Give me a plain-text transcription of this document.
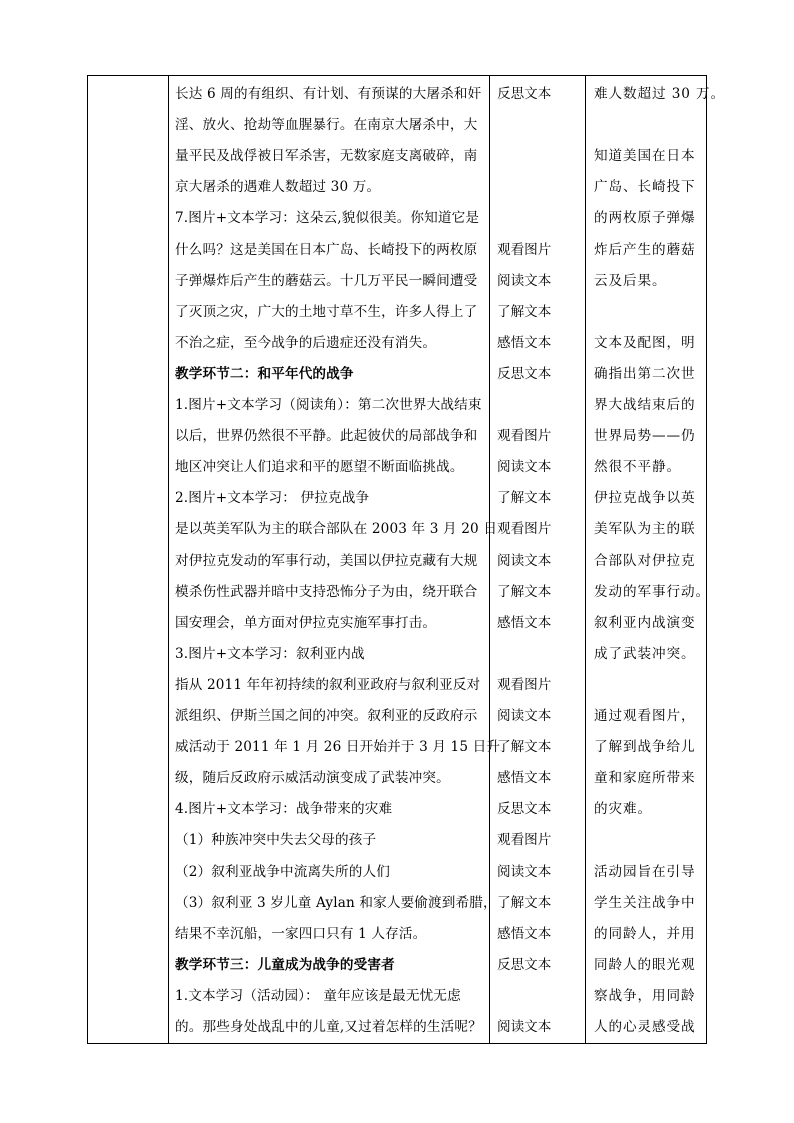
长达 6 周的有组织、有计划、有预谋的大屠杀和奸
淫、放火、抢劫等血腥暴行。在南京大屠杀中，大
量平民及战俘被日军杀害，无数家庭支离破碎，南
京大屠杀的遇难人数超过 30 万。
7.图片+文本学习：这朵云,貌似很美。你知道它是
什么吗？这是美国在日本广岛、长崎投下的两枚原
子弹爆炸后产生的蘑菇云。十几万平民一瞬间遭受
了灭顶之灾，广大的土地寸草不生，许多人得上了
不治之症，至今战争的后遗症还没有消失。
教学环节二：和平年代的战争
1.图片+文本学习（阅读角）：第二次世界大战结束
以后，世界仍然很不平静。此起彼伏的局部战争和
地区冲突让人们追求和平的愿望不断面临挑战。
2.图片+文本学习： 伊拉克战争
是以英美军队为主的联合部队在 2003 年 3 月 20 日
对伊拉克发动的军事行动，美国以伊拉克藏有大规
模杀伤性武器并暗中支持恐怖分子为由，绕开联合
国安理会，单方面对伊拉克实施军事打击。
3.图片+文本学习：叙利亚内战
指从 2011 年年初持续的叙利亚政府与叙利亚反对
派组织、伊斯兰国之间的冲突。叙利亚的反政府示
威活动于 2011 年 1 月 26 日开始并于 3 月 15 日升
级，随后反政府示威活动演变成了武装冲突。
4.图片+文本学习：战争带来的灾难
（1）种族冲突中失去父母的孩子
（2）叙利亚战争中流离失所的人们
（3）叙利亚 3 岁儿童 Aylan 和家人要偷渡到希腊，
结果不幸沉船，一家四口只有 1 人存活。
教学环节三：儿童成为战争的受害者
1.文本学习（活动园）： 童年应该是最无忧无虑
的。那些身处战乱中的儿童,又过着怎样的生活呢？
反思文本
观看图片
阅读文本
了解文本
感悟文本
反思文本
观看图片
阅读文本
了解文本
观看图片
阅读文本
了解文本
感悟文本
观看图片
阅读文本
了解文本
感悟文本
反思文本
观看图片
阅读文本
了解文本
感悟文本
反思文本
阅读文本
难人数超过 30 万。
知道美国在日本
广岛、长崎投下
的两枚原子弹爆
炸后产生的蘑菇
云及后果。
文本及配图，明
确指出第二次世
界大战结束后的
世界局势——仍
然很不平静。
伊拉克战争以英
美军队为主的联
合部队对伊拉克
发动的军事行动。
叙利亚内战演变
成了武装冲突。
通过观看图片，
了解到战争给儿
童和家庭所带来
的灾难。
活动园旨在引导
学生关注战争中
的同龄人，并用
同龄人的眼光观
察战争，用同龄
人的心灵感受战
